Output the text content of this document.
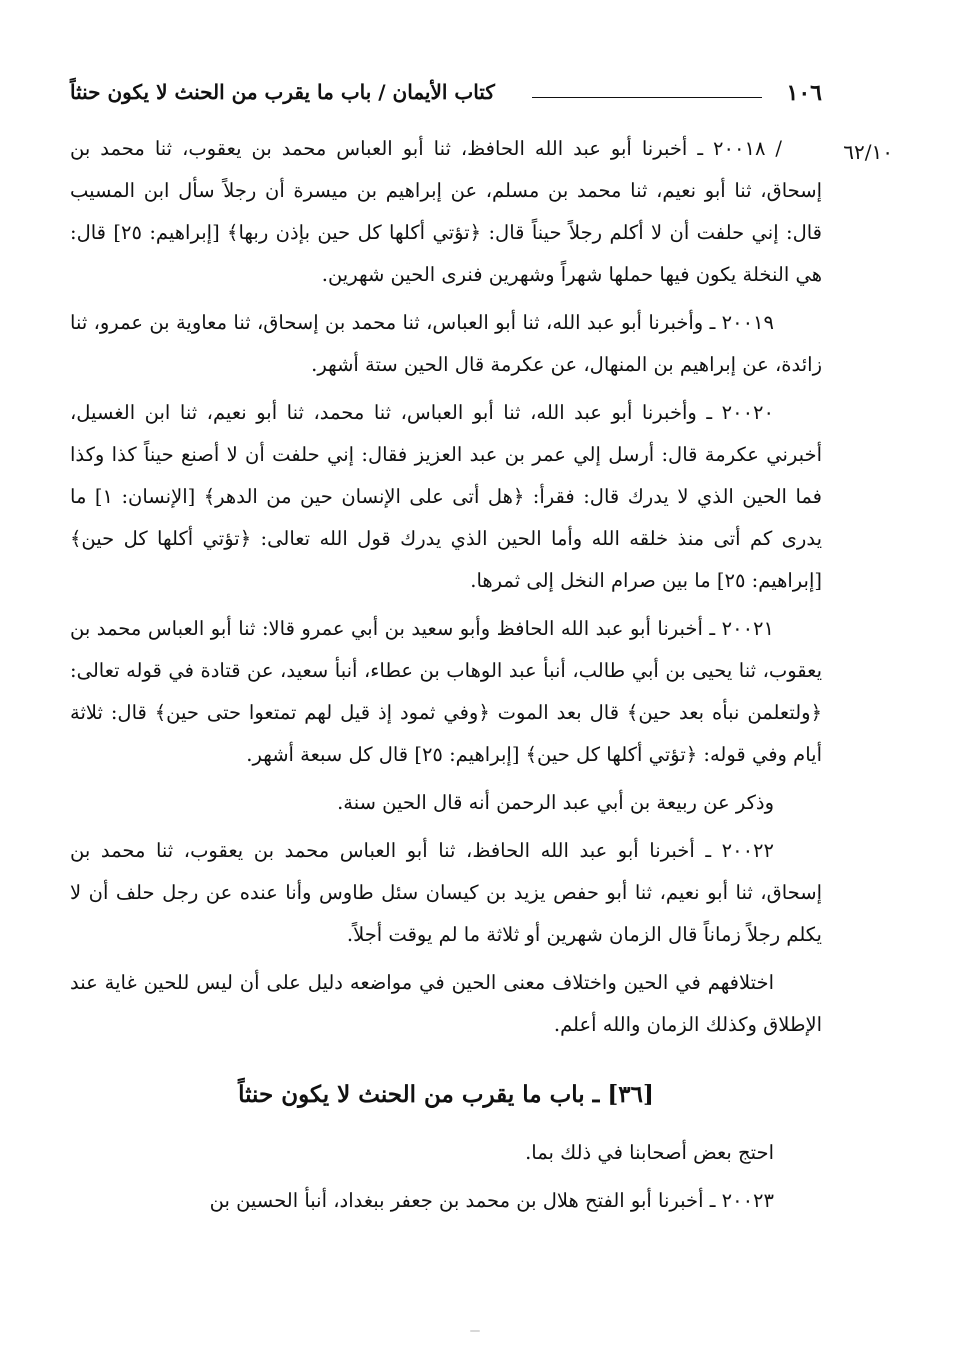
١٠٦
كتاب الأيمان / باب ما يقرب من الحنث لا يكون حنثاً
٦٢/١٠

/ ٢٠٠١٨ ـ أخبرنا أبو عبد الله الحافظ، ثنا أبو العباس محمد بن يعقوب، ثنا محمد بن إسحاق، ثنا أبو نعيم، ثنا محمد بن مسلم، عن إبراهيم بن ميسرة أن رجلاً سأل ابن المسيب قال: إني حلفت أن لا أكلم رجلاً حيناً قال: ﴿تؤتي أكلها كل حين بإذن ربها﴾ [إبراهيم: ٢٥] قال: هي النخلة يكون فيها حملها شهراً وشهرين فنرى الحين شهرين.

٢٠٠١٩ ـ وأخبرنا أبو عبد الله، ثنا أبو العباس، ثنا محمد بن إسحاق، ثنا معاوية بن عمرو، ثنا زائدة، عن إبراهيم بن المنهال، عن عكرمة قال الحين ستة أشهر.

٢٠٠٢٠ ـ وأخبرنا أبو عبد الله، ثنا أبو العباس، ثنا محمد، ثنا أبو نعيم، ثنا ابن الغسيل، أخبرني عكرمة قال: أرسل إلي عمر بن عبد العزيز فقال: إني حلفت أن لا أصنع حيناً كذا وكذا فما الحين الذي لا يدرك قال: فقرأ: ﴿هل أتى على الإنسان حين من الدهر﴾ [الإنسان: ١] ما يدرى كم أتى منذ خلقه الله وأما الحين الذي يدرك قول الله تعالى: ﴿تؤتي أكلها كل حين﴾ [إبراهيم: ٢٥] ما بين صرام النخل إلى ثمرها.

٢٠٠٢١ ـ أخبرنا أبو عبد الله الحافظ وأبو سعيد بن أبي عمرو قالا: ثنا أبو العباس محمد بن يعقوب، ثنا يحيى بن أبي طالب، أنبأ عبد الوهاب بن عطاء، أنبأ سعيد، عن قتادة في قوله تعالى: ﴿ولتعلمن نبأه بعد حين﴾ قال بعد الموت ﴿وفي ثمود إذ قيل لهم تمتعوا حتى حين﴾ قال: ثلاثة أيام وفي قوله: ﴿تؤتي أكلها كل حين﴾ [إبراهيم: ٢٥] قال كل سبعة أشهر.

وذكر عن ربيعة بن أبي عبد الرحمن أنه قال الحين سنة.

٢٠٠٢٢ ـ أخبرنا أبو عبد الله الحافظ، ثنا أبو العباس محمد بن يعقوب، ثنا محمد بن إسحاق، ثنا أبو نعيم، ثنا أبو حفص يزيد بن كيسان سئل طاوس وأنا عنده عن رجل حلف أن لا يكلم رجلاً زماناً قال الزمان شهرين أو ثلاثة ما لم يوقت أجلاً.

اختلافهم في الحين واختلاف معنى الحين في مواضعه دليل على أن ليس للحين غاية عند الإطلاق وكذلك الزمان والله أعلم.

[٣٦] ـ باب ما يقرب من الحنث لا يكون حنثاً

احتج بعض أصحابنا في ذلك بما.

٢٠٠٢٣ ـ أخبرنا أبو الفتح هلال بن محمد بن جعفر ببغداد، أنبأ الحسين بن
